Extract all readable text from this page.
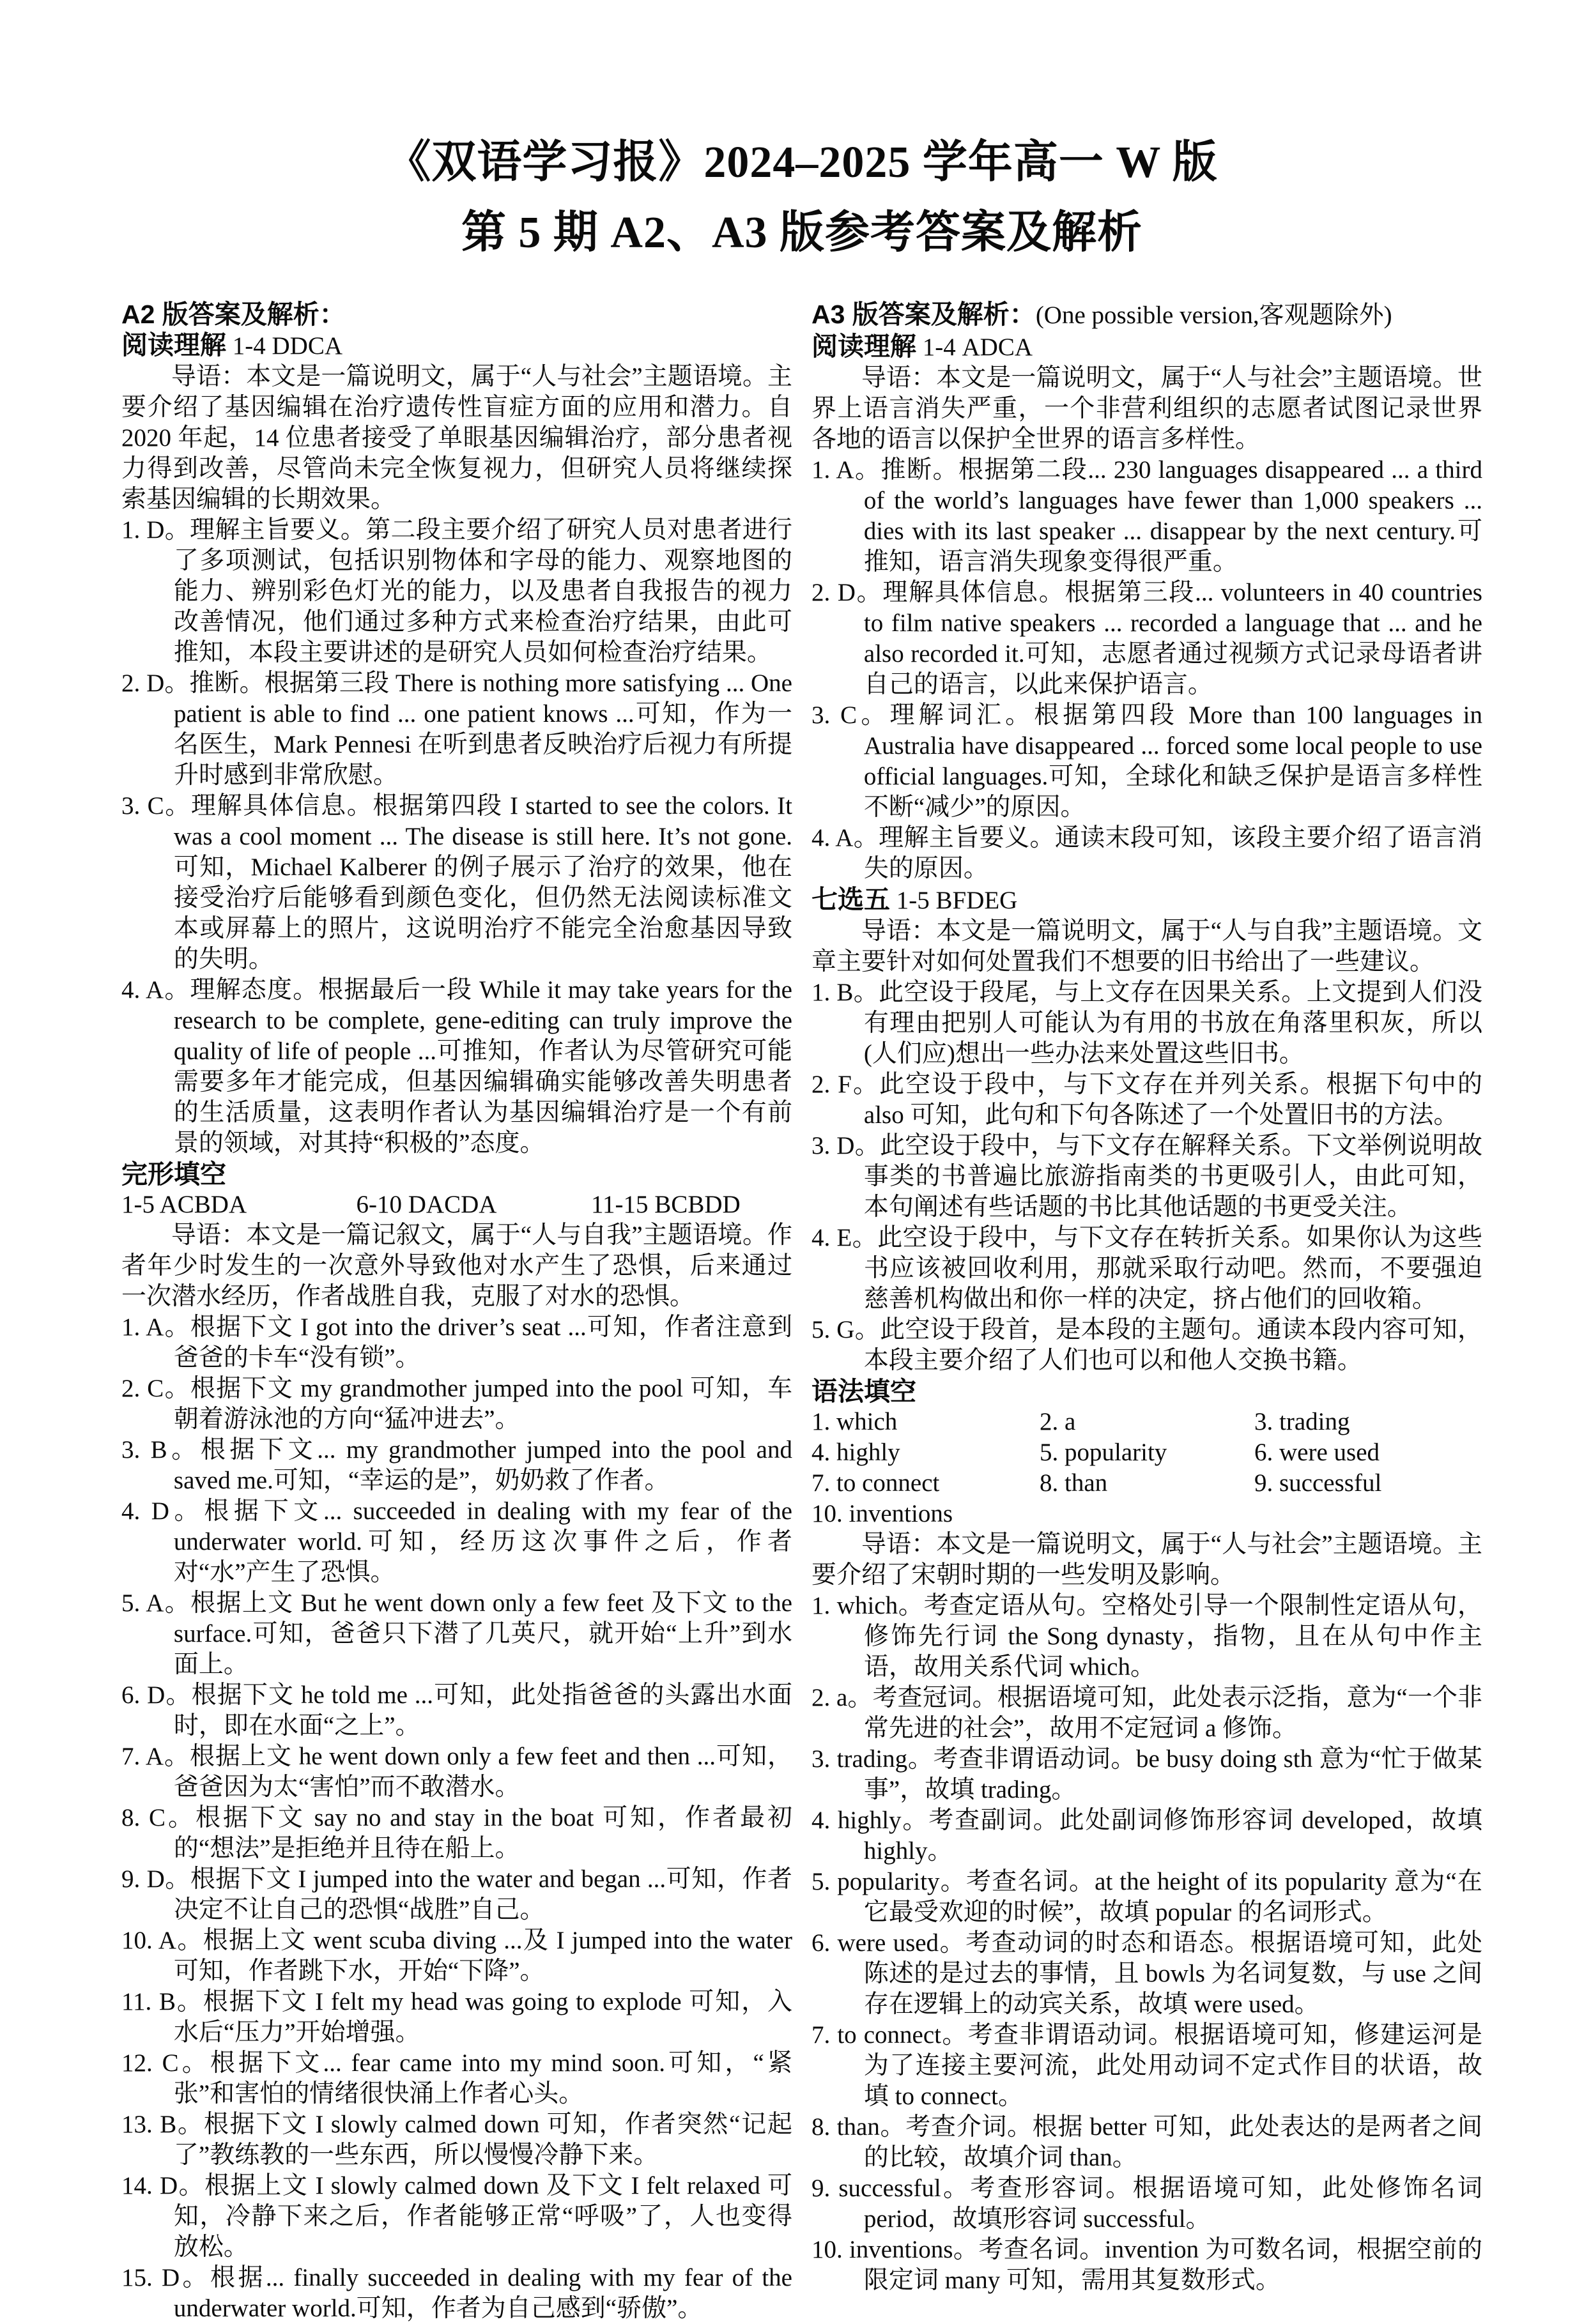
《双语学习报》2024–2025 学年高一 W 版
第 5 期 A2、A3 版参考答案及解析
A2 版答案及解析：
阅读理解 1-4 DDCA
导语：本文是一篇说明文，属于“人与社会”主题语境。主要介绍了基因编辑在治疗遗传性盲症方面的应用和潜力。自2020 年起，14 位患者接受了单眼基因编辑治疗，部分患者视力得到改善，尽管尚未完全恢复视力，但研究人员将继续探索基因编辑的长期效果。
1. D。理解主旨要义。第二段主要介绍了研究人员对患者进行了多项测试，包括识别物体和字母的能力、观察地图的能力、辨别彩色灯光的能力，以及患者自我报告的视力改善情况，他们通过多种方式来检查治疗结果，由此可推知，本段主要讲述的是研究人员如何检查治疗结果。
2. D。推断。根据第三段 There is nothing more satisfying ... One patient is able to find ... one patient knows ...可知，作为一名医生，Mark Pennesi 在听到患者反映治疗后视力有所提升时感到非常欣慰。
3. C。理解具体信息。根据第四段 I started to see the colors. It was a cool moment ... The disease is still here. It’s not gone.可知，Michael Kalberer 的例子展示了治疗的效果，他在接受治疗后能够看到颜色变化，但仍然无法阅读标准文本或屏幕上的照片，这说明治疗不能完全治愈基因导致的失明。
4. A。理解态度。根据最后一段 While it may take years for the research to be complete, gene-editing can truly improve the quality of life of people ...可推知，作者认为尽管研究可能需要多年才能完成，但基因编辑确实能够改善失明患者的生活质量，这表明作者认为基因编辑治疗是一个有前景的领域，对其持“积极的”态度。
完形填空
1-5 ACBDA	6-10 DACDA	11-15 BCBDD
导语：本文是一篇记叙文，属于“人与自我”主题语境。作者年少时发生的一次意外导致他对水产生了恐惧，后来通过一次潜水经历，作者战胜自我，克服了对水的恐惧。
1. A。根据下文 I got into the driver’s seat ...可知，作者注意到爸爸的卡车“没有锁”。
2. C。根据下文 my grandmother jumped into the pool 可知，车朝着游泳池的方向“猛冲进去”。
3. B。根据下文... my grandmother jumped into the pool and saved me.可知，“幸运的是”，奶奶救了作者。
4. D。根据下文... succeeded in dealing with my fear of the underwater world.可知，经历这次事件之后，作者对“水”产生了恐惧。
5. A。根据上文 But he went down only a few feet 及下文 to the surface.可知，爸爸只下潜了几英尺，就开始“上升”到水面上。
6. D。根据下文 he told me ...可知，此处指爸爸的头露出水面时，即在水面“之上”。
7. A。根据上文 he went down only a few feet and then ...可知，爸爸因为太“害怕”而不敢潜水。
8. C。根据下文 say no and stay in the boat 可知，作者最初的“想法”是拒绝并且待在船上。
9. D。根据下文 I jumped into the water and began ...可知，作者决定不让自己的恐惧“战胜”自己。
10. A。根据上文 went scuba diving ...及 I jumped into the water 可知，作者跳下水，开始“下降”。
11. B。根据下文 I felt my head was going to explode 可知，入水后“压力”开始增强。
12. C。根据下文... fear came into my mind soon.可知，“紧张”和害怕的情绪很快涌上作者心头。
13. B。根据下文 I slowly calmed down 可知，作者突然“记起了”教练教的一些东西，所以慢慢冷静下来。
14. D。根据上文 I slowly calmed down 及下文 I felt relaxed 可知，冷静下来之后，作者能够正常“呼吸”了，人也变得放松。
15. D。根据... finally succeeded in dealing with my fear of the underwater world.可知，作者为自己感到“骄傲”。
A3 版答案及解析：(One possible version,客观题除外)
阅读理解 1-4 ADCA
导语：本文是一篇说明文，属于“人与社会”主题语境。世界上语言消失严重，一个非营利组织的志愿者试图记录世界各地的语言以保护全世界的语言多样性。
1. A。推断。根据第二段... 230 languages disappeared ... a third of the world’s languages have fewer than 1,000 speakers ... dies with its last speaker ... disappear by the next century.可推知，语言消失现象变得很严重。
2. D。理解具体信息。根据第三段... volunteers in 40 countries to film native speakers ... recorded a language that ... and he also recorded it.可知，志愿者通过视频方式记录母语者讲自己的语言，以此来保护语言。
3. C。理解词汇。根据第四段 More than 100 languages in Australia have disappeared ... forced some local people to use official languages.可知，全球化和缺乏保护是语言多样性不断“减少”的原因。
4. A。理解主旨要义。通读末段可知，该段主要介绍了语言消失的原因。
七选五 1-5 BFDEG
导语：本文是一篇说明文，属于“人与自我”主题语境。文章主要针对如何处置我们不想要的旧书给出了一些建议。
1. B。此空设于段尾，与上文存在因果关系。上文提到人们没有理由把别人可能认为有用的书放在角落里积灰，所以(人们应)想出一些办法来处置这些旧书。
2. F。此空设于段中，与下文存在并列关系。根据下句中的 also 可知，此句和下句各陈述了一个处置旧书的方法。
3. D。此空设于段中，与下文存在解释关系。下文举例说明故事类的书普遍比旅游指南类的书更吸引人，由此可知，本句阐述有些话题的书比其他话题的书更受关注。
4. E。此空设于段中，与下文存在转折关系。如果你认为这些书应该被回收利用，那就采取行动吧。然而，不要强迫慈善机构做出和你一样的决定，挤占他们的回收箱。
5. G。此空设于段首，是本段的主题句。通读本段内容可知，本段主要介绍了人们也可以和他人交换书籍。
语法填空
1. which	2. a	3. trading
4. highly	5. popularity	6. were used
7. to connect	8. than	9. successful
10. inventions
导语：本文是一篇说明文，属于“人与社会”主题语境。主要介绍了宋朝时期的一些发明及影响。
1. which。考查定语从句。空格处引导一个限制性定语从句，修饰先行词 the Song dynasty，指物，且在从句中作主语，故用关系代词 which。
2. a。考查冠词。根据语境可知，此处表示泛指，意为“一个非常先进的社会”，故用不定冠词 a 修饰。
3. trading。考查非谓语动词。be busy doing sth 意为“忙于做某事”，故填 trading。
4. highly。考查副词。此处副词修饰形容词 developed，故填 highly。
5. popularity。考查名词。at the height of its popularity 意为“在它最受欢迎的时候”，故填 popular 的名词形式。
6. were used。考查动词的时态和语态。根据语境可知，此处陈述的是过去的事情，且 bowls 为名词复数，与 use 之间存在逻辑上的动宾关系，故填 were used。
7. to connect。考查非谓语动词。根据语境可知，修建运河是为了连接主要河流，此处用动词不定式作目的状语，故填 to connect。
8. than。考查介词。根据 better 可知，此处表达的是两者之间的比较，故填介词 than。
9. successful。考查形容词。根据语境可知，此处修饰名词period，故填形容词 successful。
10. inventions。考查名词。invention 为可数名词，根据空前的限定词 many 可知，需用其复数形式。
